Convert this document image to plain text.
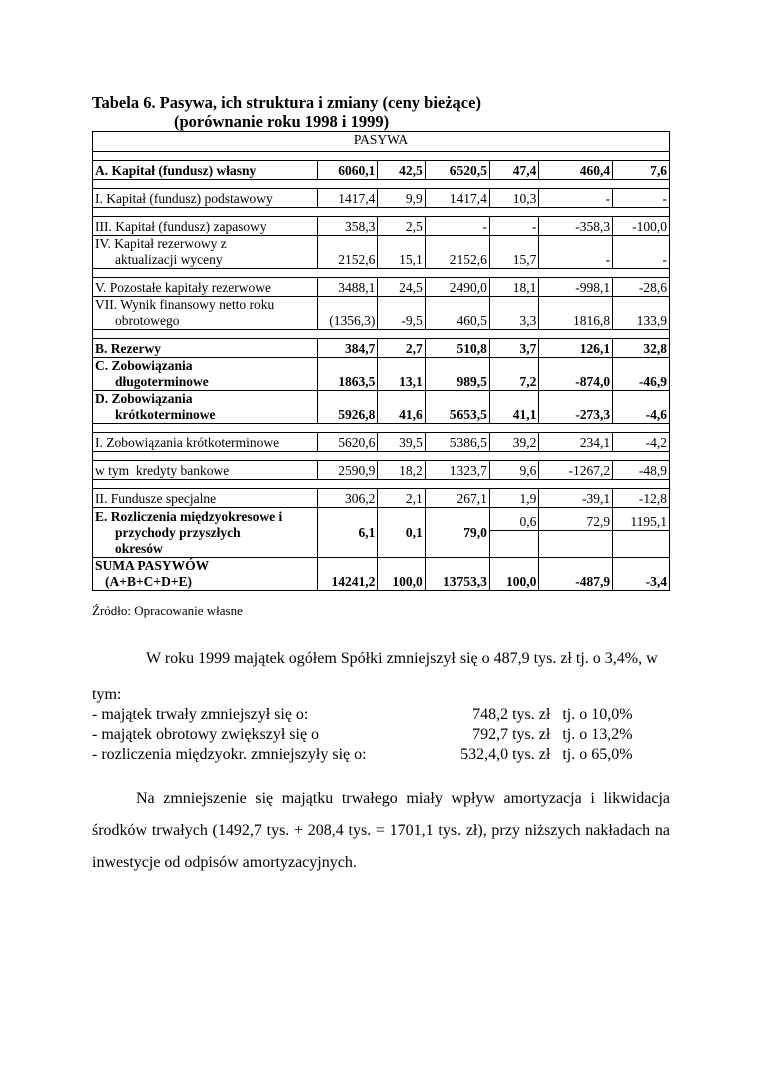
Tabela 6. Pasywa, ich struktura i zmiany (ceny bieżące)
(porównanie roku 1998 i 1999)
PASYWA						

A. Kapitał (fundusz) własny	6060,1	42,5	6520,5	47,4	460,4	7,6

I. Kapitał (fundusz) podstawowy	1417,4	9,9	1417,4	10,3	-	-

III. Kapitał (fundusz) zapasowy	358,3	2,5	-	-	-358,3	-100,0

IV. Kapitał rezerwowy z
aktualizacji wyceny	2152,6	15,1	2152,6	15,7	-	-

V. Pozostałe kapitały rezerwowe	3488,1	24,5	2490,0	18,1	-998,1	-28,6

VII. Wynik finansowy netto roku
obrotowego	(1356,3)	-9,5	460,5	3,3	1816,8	133,9

B. Rezerwy	384,7	2,7	510,8	3,7	126,1	32,8

C. Zobowiązania
długoterminowe	1863,5	13,1	989,5	7,2	-874,0	-46,9

D. Zobowiązania
krótkoterminowe	5926,8	41,6	5653,5	41,1	-273,3	-4,6

I. Zobowiązania krótkoterminowe	5620,6	39,5	5386,5	39,2	234,1	-4,2

w tym  kredyty bankowe	2590,9	18,2	1323,7	9,6	-1267,2	-48,9

II. Fundusze specjalne	306,2	2,1	267,1	1,9	-39,1	-12,8

E. Rozliczenia międzyokresowe i
przychody przyszłych
okresów	6,1	0,1	79,0	0,6	72,9	1195,1

SUMA PASYWÓW
(A+B+C+D+E)	14241,2	100,0	13753,3	100,0	-487,9	-3,4
Źródło: Opracowanie własne
W roku 1999 majątek ogółem Spółki zmniejszył się o 487,9 tys. zł tj. o 3,4%, w tym:
- majątek trwały zmniejszył się o:	748,2 tys. zł tj. o 10,0%
- majątek obrotowy zwiększył się o	792,7 tys. zł tj. o 13,2%
- rozliczenia międzyokr. zmniejszyły się o:	532,4,0 tys. zł tj. o 65,0%
Na zmniejszenie się majątku trwałego miały wpływ amortyzacja i likwidacja środków trwałych (1492,7 tys. + 208,4 tys. = 1701,1 tys. zł), przy niższych nakładach na inwestycje od odpisów amortyzacyjnych.
